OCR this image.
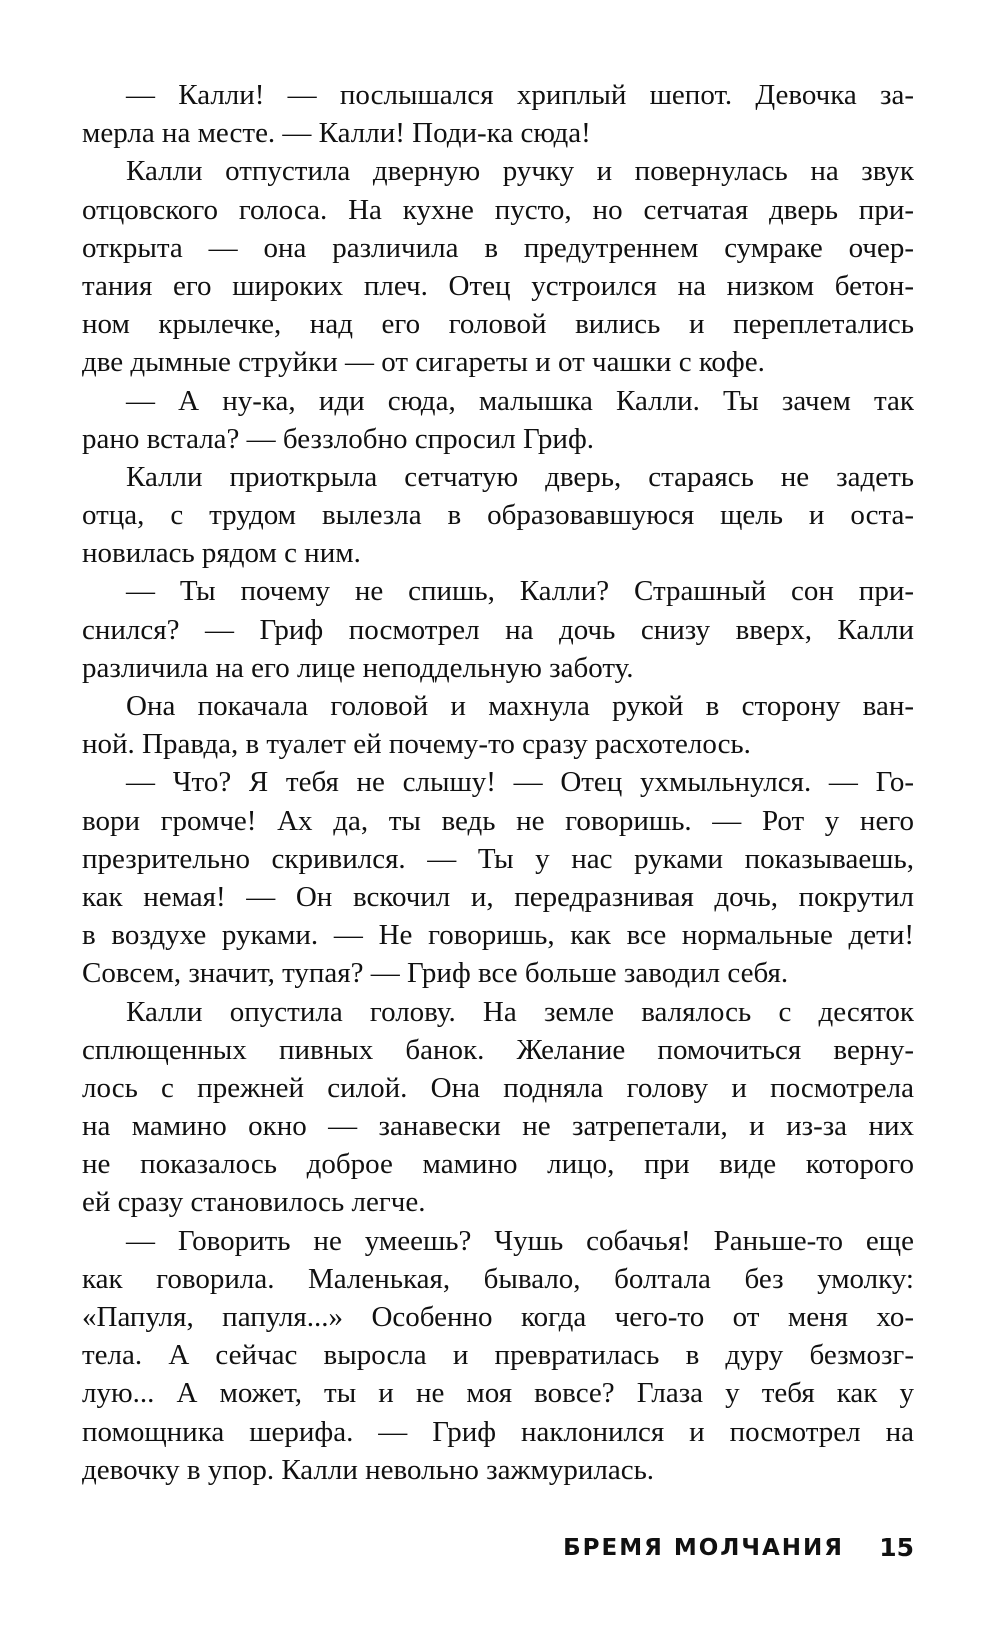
— Калли! — послышался хриплый шепот. Девочка за-
мерла на месте. — Калли! Поди-ка сюда!
Калли отпустила дверную ручку и повернулась на звук
отцовского голоса. На кухне пусто, но сетчатая дверь при-
открыта — она различила в предутреннем сумраке очер-
тания его широких плеч. Отец устроился на низком бетон-
ном крылечке, над его головой вились и переплетались
две дымные струйки — от сигареты и от чашки с кофе.
— А ну-ка, иди сюда, малышка Калли. Ты зачем так
рано встала? — беззлобно спросил Гриф.
Калли приоткрыла сетчатую дверь, стараясь не задеть
отца, с трудом вылезла в образовавшуюся щель и оста-
новилась рядом с ним.
— Ты почему не спишь, Калли? Страшный сон при-
снился? — Гриф посмотрел на дочь снизу вверх, Калли
различила на его лице неподдельную заботу.
Она покачала головой и махнула рукой в сторону ван-
ной. Правда, в туалет ей почему-то сразу расхотелось.
— Что? Я тебя не слышу! — Отец ухмыльнулся. — Го-
вори громче! Ах да, ты ведь не говоришь. — Рот у него
презрительно скривился. — Ты у нас руками показываешь,
как немая! — Он вскочил и, передразнивая дочь, покрутил
в воздухе руками. — Не говоришь, как все нормальные дети!
Совсем, значит, тупая? — Гриф все больше заводил себя.
Калли опустила голову. На земле валялось с десяток
сплющенных пивных банок. Желание помочиться верну-
лось с прежней силой. Она подняла голову и посмотрела
на мамино окно — занавески не затрепетали, и из-за них
не показалось доброе мамино лицо, при виде которого
ей сразу становилось легче.
— Говорить не умеешь? Чушь собачья! Раньше-то еще
как говорила. Маленькая, бывало, болтала без умолку:
«Папуля, папуля...» Особенно когда чего-то от меня хо-
тела. А сейчас выросла и превратилась в дуру безмозг-
лую... А может, ты и не моя вовсе? Глаза у тебя как у
помощника шерифа. — Гриф наклонился и посмотрел на
девочку в упор. Калли невольно зажмурилась.
БРЕМЯ МОЛЧАНИЯ 15
